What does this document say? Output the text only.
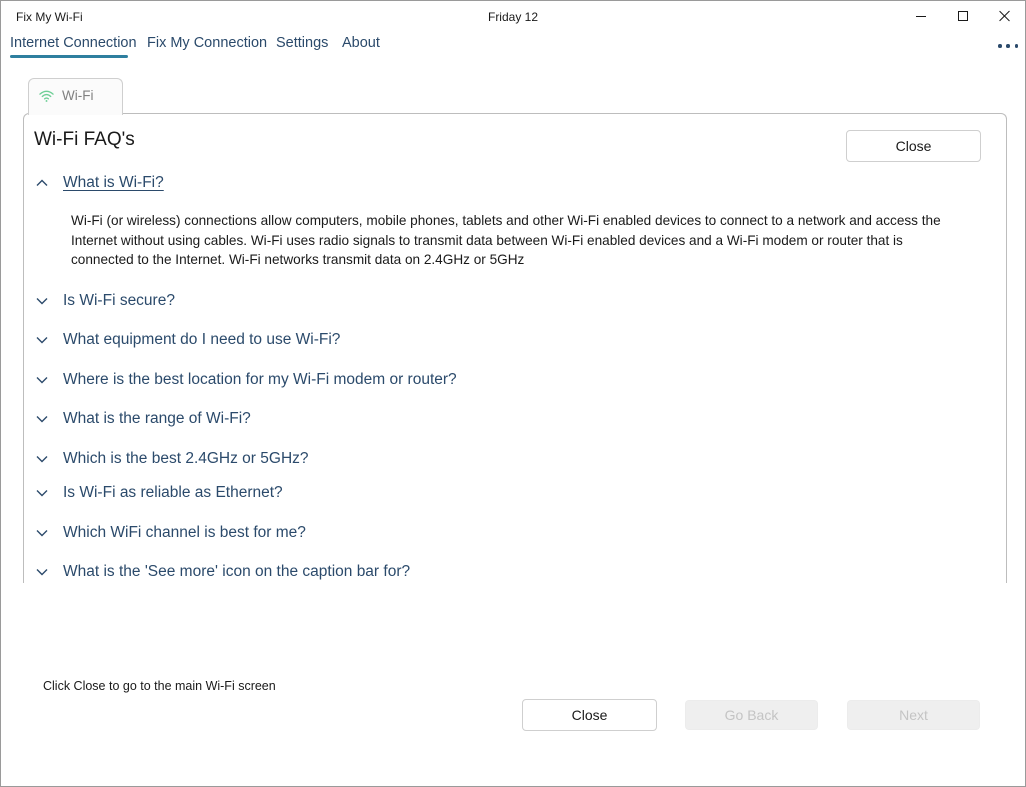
Fix My Wi-Fi	Friday 12
Internet Connection Fix My Connection Settings About
Wi-Fi
Wi-Fi FAQ's	Close
What is Wi-Fi?

Wi-Fi (or wireless) connections allow computers, mobile phones, tablets and other Wi-Fi enabled devices to connect to a network and access the Internet without using cables. Wi-Fi uses radio signals to transmit data between Wi-Fi enabled devices and a Wi-Fi modem or router that is connected to the Internet. Wi-Fi networks transmit data on 2.4GHz or 5GHz

Is Wi-Fi secure?
What equipment do I need to use Wi-Fi?
Where is the best location for my Wi-Fi modem or router?
What is the range of Wi-Fi?
Which is the best 2.4GHz or 5GHz?
Is Wi-Fi as reliable as Ethernet?
Which WiFi channel is best for me?
What is the 'See more' icon on the caption bar for?
Click Close to go to the main Wi-Fi screen
Close	Go Back	Next
